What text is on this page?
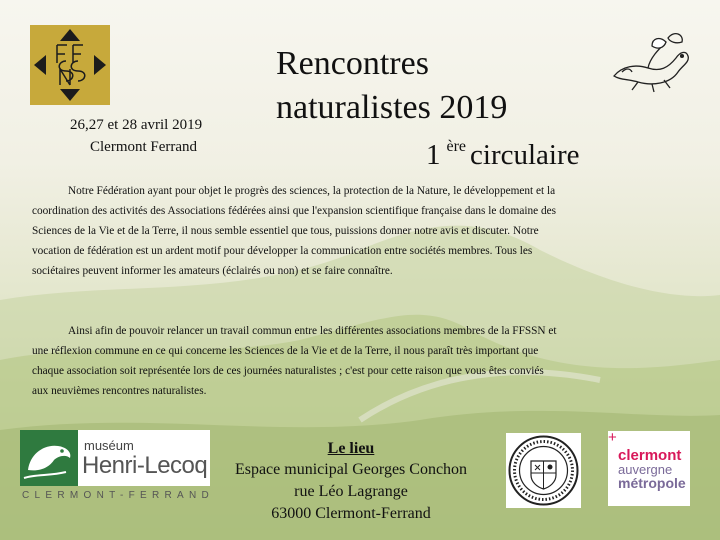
26,27 et 28 avril 2019
Clermont Ferrand
Rencontres
naturalistes 2019
1 $^{ère}$ circulaire
Notre Fédération ayant pour objet le progrès des sciences, la protection de la Nature, le développement et la
coordination des activités des Associations fédérées ainsi que l'expansion scientifique française dans le domaine des
Sciences de la Vie et de la Terre, il nous semble essentiel que tous, puissions donner notre avis et discuter. Notre
vocation de fédération est un ardent motif pour développer la communication entre sociétés membres. Tous les
sociétaires peuvent informer les amateurs (éclairés ou non) et se faire connaître.
Ainsi afin de pouvoir relancer un travail commun entre les différentes associations membres de la FFSSN et
une réflexion commune en ce qui concerne les Sciences de la Vie et de la Terre, il nous paraît très important que
chaque association soit représentée lors de ces journées naturalistes ; c'est pour cette raison que vous êtes conviés
aux neuvièmes rencontres naturalistes.
muséum
Henri-Lecoq
CLERMONT-FERRAND
Le lieu
Espace municipal Georges Conchon
rue Léo Lagrange
63000 Clermont-Ferrand
+
clermont
auvergne
métropole
